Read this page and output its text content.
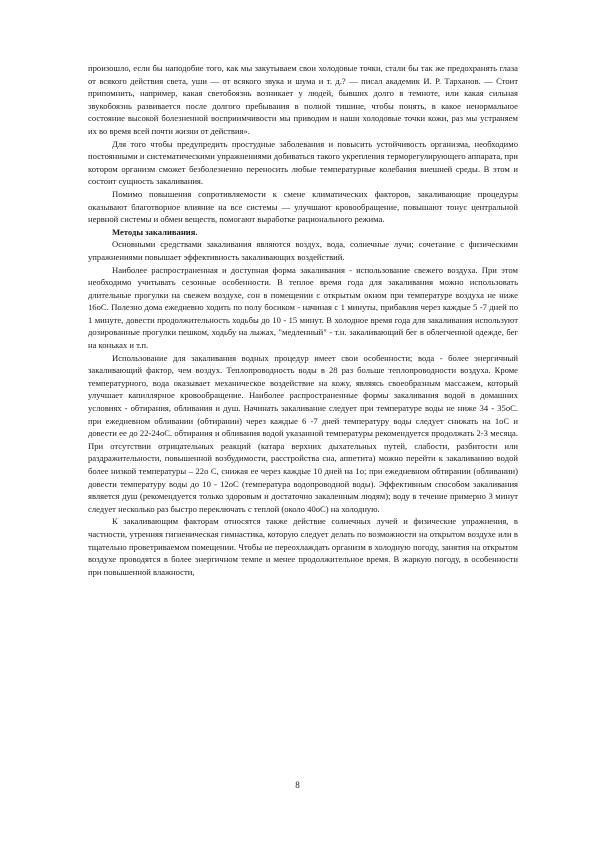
произошло, если бы наподобие того, как мы закутываем свои холодовые точки, стали бы так же предохранять глаза от всякого действия света, уши — от всякого звука и шума и т. д.? — писал академик И. Р. Тарханов. — Стоит припомнить, например, какая светобоязнь возникает у людей, бывших долго в темноте, или какая сильная звукобоязнь развивается после долгого пребывания в полной тишине, чтобы понять, в какое ненормальное состояние высокой болезненной восприимчивости мы приводим и наши холодовые точки кожи, раз мы устраняем их во время всей почти жизни от действия».

Для того чтобы предупредить простудные заболевания и повысить устойчивость организма, необходимо постоянными и систематическими упражнениями добиваться такого укрепления терморегулирующего аппарата, при котором организм сможет безболезненно переносить любые температурные колебания внешней среды. В этом и состоит сущность закаливания.

Помимо повышения сопротивляемости к смене климатических факторов, закаливающие процедуры оказывают благотворное влияние на все системы — улучшают кровообращение, повышают тонус центральной нервной системы и обмен веществ, помогают выработке рационального режима.

Методы закаливания.

Основными средствами закаливания являются воздух, вода, солнечные лучи; сочетание с физическими упражнениями повышает эффективность закаливающих воздействий.

Наиболее распространенная и доступная форма закаливания - использование свежего воздуха. При этом необходимо учитывать сезонные особенности. В теплое время года для закаливания можно использовать длительные прогулки на свежем воздухе, сон в помещении с открытым окном при температуре воздуха не ниже 16оС. Полезно дома ежедневно ходить по полу босиком - начиная с 1 минуты, прибавляя через каждые 5 -7 дней по 1 минуте, довести продолжительность ходьбы до 10 - 15 минут. В холодное время года для закаливания используют дозированные прогулки пешком, ходьбу на лыжах, "медленный" - т.н. закаливающий бег в облегченной одежде, бег на коньках и т.п.

Использование для закаливания водных процедур имеет свои особенности; вода - более энергичный закаливающий фактор, чем воздух. Теплопроводность воды в 28 раз больше теплопроводности воздуха. Кроме температурного, вода оказывает механическое воздействие на кожу, являясь своеобразным массажем, который улучшает капиллярное кровообращение. Наиболее распространенные формы закаливания водой в домашних условиях - обтирания, обливания и душ. Начинать закаливание следует при температуре воды не ниже 34 - 35оС. при ежедневном обливании (обтирании) через каждые 6 -7 дней температуру воды следует снижать на 1оС и довести ее до 22-24оС. обтирания и обливания водой указанной температуры рекомендуется продолжать 2-3 месяца. При отсутствии отрицательных реакций (катара верхних дыхательных путей, слабости, разбитости или раздражительности, повышенной возбудимости, расстройства сна, аппетита) можно перейти к закаливанию водой более низкой температуры – 22о С, снижая ее через каждые 10 дней на 1о; при ежедневном обтирании (обливании) довести температуру воды до 10 - 12оС (температура водопроводной воды). Эффективным способом закаливания является душ (рекомендуется только здоровым и достаточно закаленным людям); воду в течение примерно 3 минут следует несколько раз быстро переключать с теплой (около 40оС) на холодную.

К закаливающим факторам относятся также действие солнечных лучей и физические упражнения, в частности, утренняя гигиеническая гимнастика, которую следует делать по возможности на открытом воздухе или в тщательно проветриваемом помещении. Чтобы не переохлаждать организм в холодную погоду, занятия на открытом воздухе проводятся в более энергичном темпе и менее продолжительное время. В жаркую погоду, в особенности при повышенной влажности,

8
